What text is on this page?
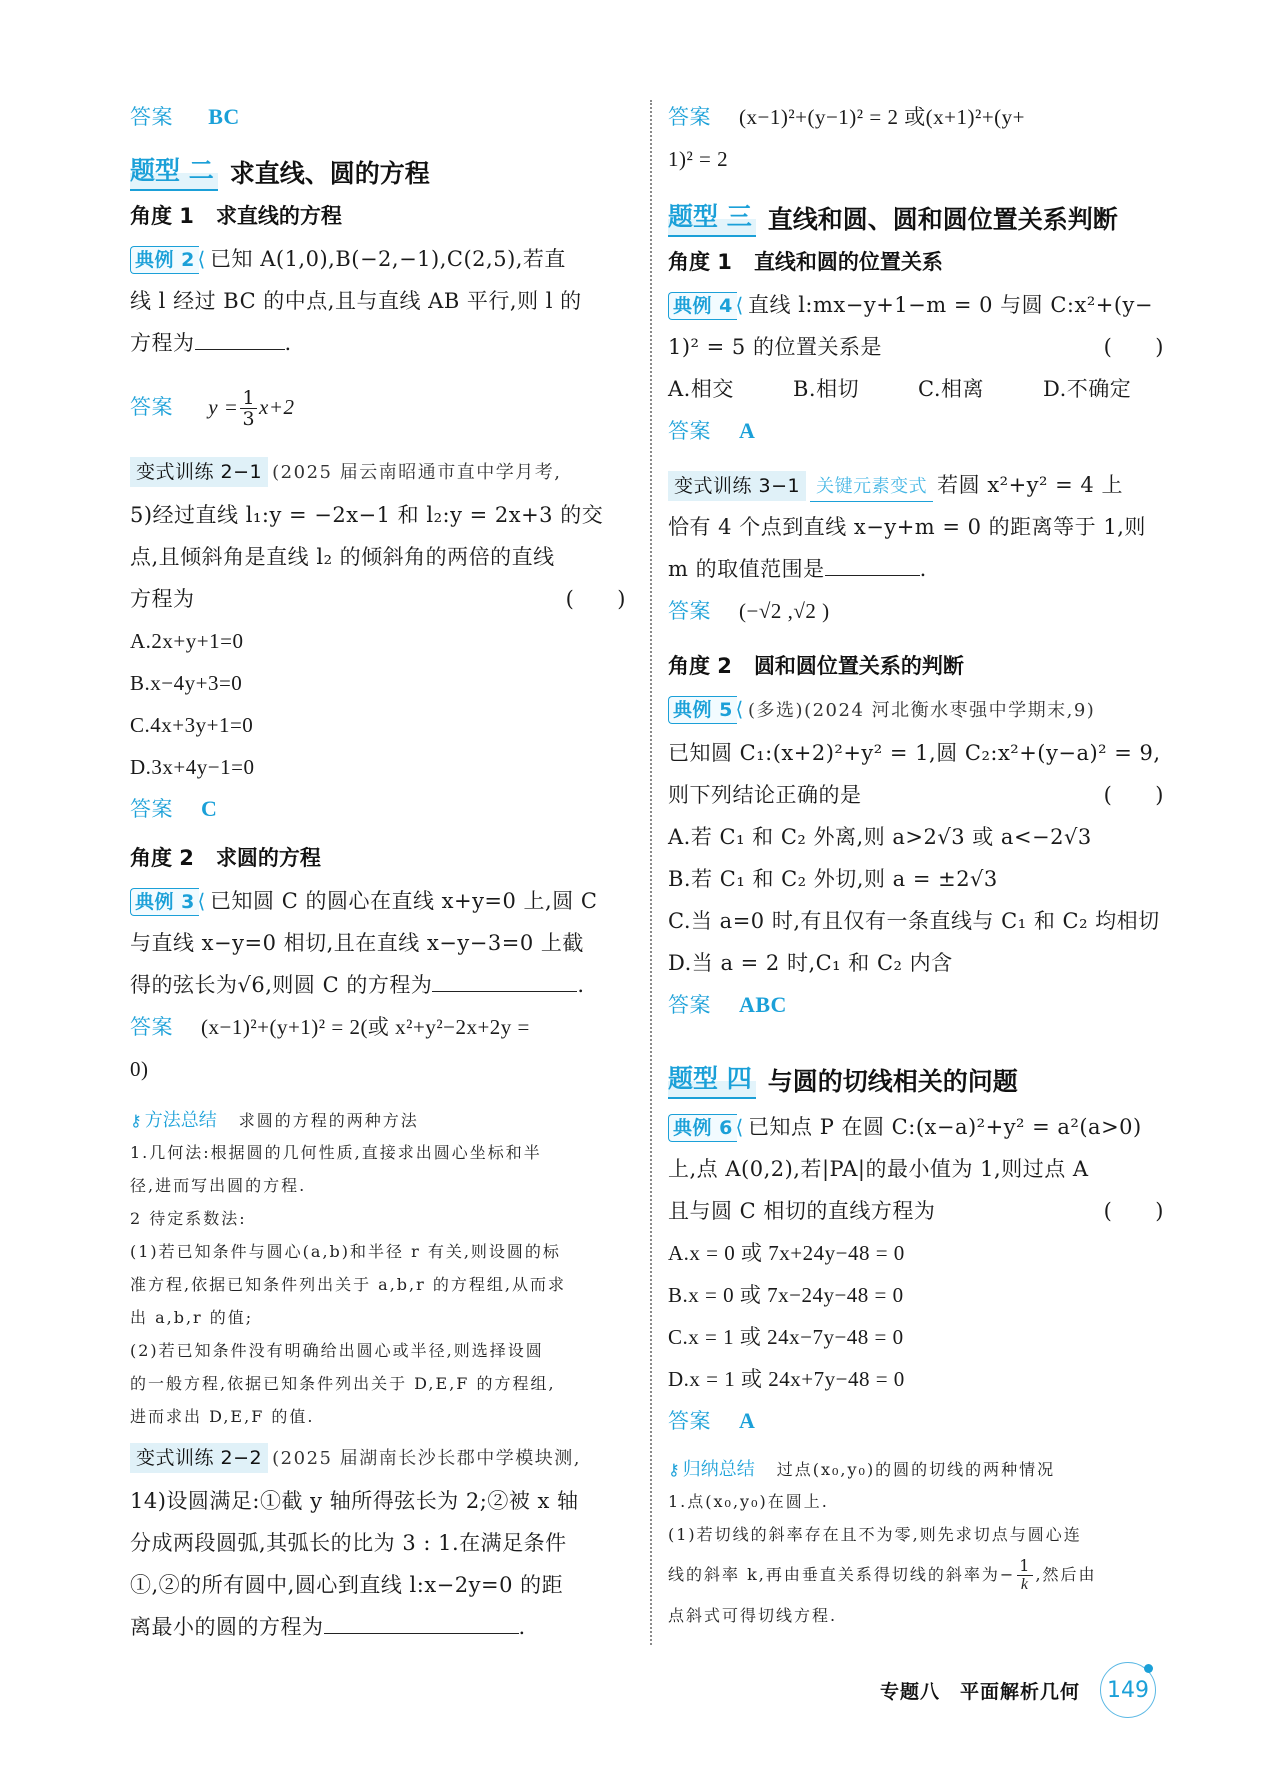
答案 BC
题型 二 求直线、圆的方程
角度 1 求直线的方程
典例 2 ⟨ 已知 A(1,0),B(−2,−1),C(2,5),若直
线 l 经过 BC 的中点,且与直线 AB 平行,则 l 的
方程为	.
答案 $y = \frac{1}{3} x+2$
变式训练 2−1 (2025 届云南昭通市直中学月考,
5)经过直线 l₁:y = −2x−1 和 l₂:y = 2x+3 的交
点,且倾斜角是直线 l₂ 的倾斜角的两倍的直线
方程为	(　　)
A.2x+y+1=0
B.x−4y+3=0
C.4x+3y+1=0
D.3x+4y−1=0
答案 C
角度 2 求圆的方程
典例 3 ⟨ 已知圆 C 的圆心在直线 x+y=0 上,圆 C
与直线 x−y=0 相切,且在直线 x−y−3=0 上截
得的弦长为√6,则圆 C 的方程为	.
答案 (x−1)²+(y+1)² = 2(或 x²+y²−2x+2y =
0)
⚷ 方法总结 求圆的方程的两种方法
1.几何法:根据圆的几何性质,直接求出圆心坐标和半
径,进而写出圆的方程.
2 待定系数法:
(1)若已知条件与圆心(a,b)和半径 r 有关,则设圆的标
准方程,依据已知条件列出关于 a,b,r 的方程组,从而求
出 a,b,r 的值;
(2)若已知条件没有明确给出圆心或半径,则选择设圆
的一般方程,依据已知条件列出关于 D,E,F 的方程组,
进而求出 D,E,F 的值.
变式训练 2−2 (2025 届湖南长沙长郡中学模块测,
14)设圆满足:①截 y 轴所得弦长为 2;②被 x 轴
分成两段圆弧,其弧长的比为 3 : 1.在满足条件
①,②的所有圆中,圆心到直线 l:x−2y=0 的距
离最小的圆的方程为	.
答案 (x−1)²+(y−1)² = 2 或(x+1)²+(y+
1)² = 2
题型 三 直线和圆、圆和圆位置关系判断
角度 1 直线和圆的位置关系
典例 4 ⟨ 直线 l:mx−y+1−m = 0 与圆 C:x²+(y−
1)² = 5 的位置关系是	(　　)
A.相交	B.相切	C.相离	D.不确定
答案 A
变式训练 3−1 关键元素变式 若圆 x²+y² = 4 上
恰有 4 个点到直线 x−y+m = 0 的距离等于 1,则
m 的取值范围是	.
答案 (−√2 ,√2 )
角度 2 圆和圆位置关系的判断
典例 5 ⟨ (多选)(2024 河北衡水枣强中学期末,9)
已知圆 C₁:(x+2)²+y² = 1,圆 C₂:x²+(y−a)² = 9,
则下列结论正确的是	(　　)
A.若 C₁ 和 C₂ 外离,则 a>2√3 或 a<−2√3
B.若 C₁ 和 C₂ 外切,则 a = ±2√3
C.当 a=0 时,有且仅有一条直线与 C₁ 和 C₂ 均相切
D.当 a = 2 时,C₁ 和 C₂ 内含
答案 ABC
题型 四 与圆的切线相关的问题
典例 6 ⟨ 已知点 P 在圆 C:(x−a)²+y² = a²(a>0)
上,点 A(0,2),若|PA|的最小值为 1,则过点 A
且与圆 C 相切的直线方程为	(　　)
A.x = 0 或 7x+24y−48 = 0
B.x = 0 或 7x−24y−48 = 0
C.x = 1 或 24x−7y−48 = 0
D.x = 1 或 24x+7y−48 = 0
答案 A
⚷ 归纳总结 过点(x₀,y₀)的圆的切线的两种情况
1.点(x₀,y₀)在圆上.
(1)若切线的斜率存在且不为零,则先求切点与圆心连
线的斜率 k,再由垂直关系得切线的斜率为− $\frac{1}{k}$ ,然后由
点斜式可得切线方程.
专题八　平面解析几何 149
